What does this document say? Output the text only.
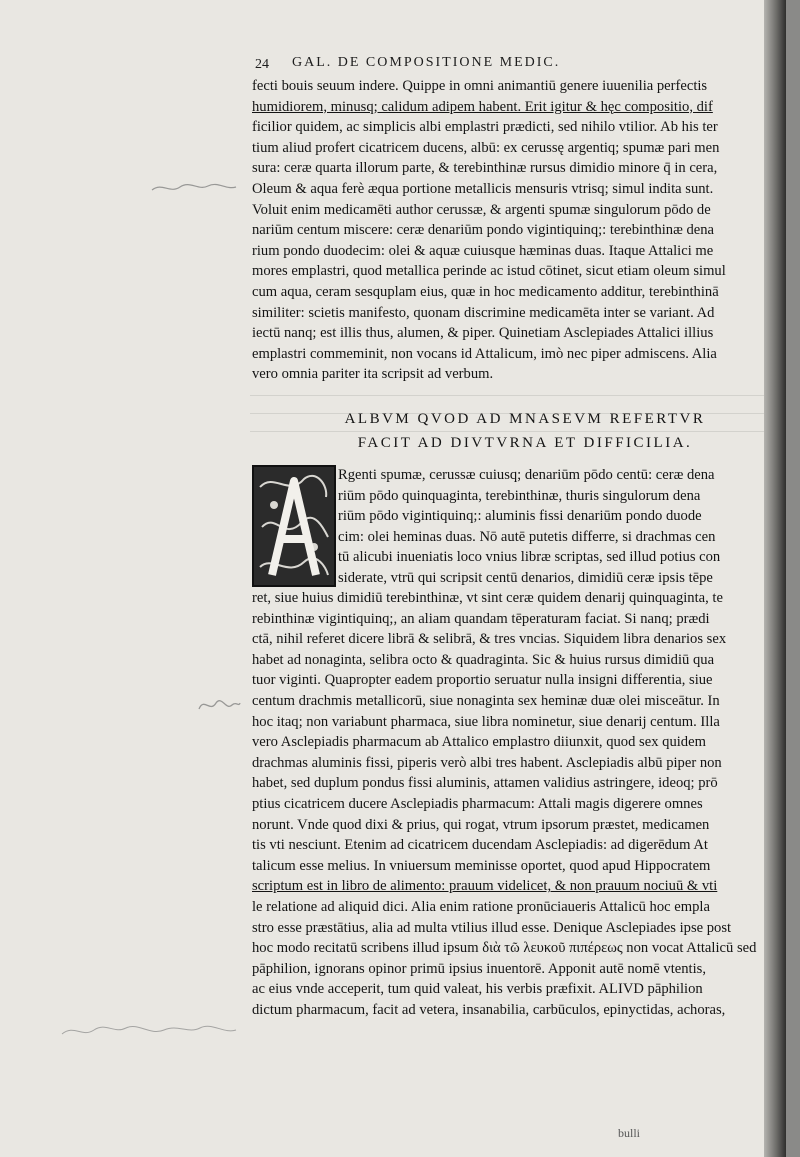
24 GAL. DE COMPOSITIONE MEDIC.
fecti bouis seuum indere. Quippe in omni animantiū genere iuuenilia perfectis
humidiorem, minusq; calidum adipem habent. Erit igitur & hęc compositio, dif
ficilior quidem, ac simplicis albi emplastri prædicti, sed nihilo vtilior. Ab his ter
tium aliud profert cicatricem ducens, albū: ex cerussę argentiq; spumæ pari men
sura: ceræ quarta illorum parte, & terebinthinæ rursus dimidio minore q̄ in cera,
Oleum & aqua ferè æqua portione metallicis mensuris vtrisq; simul indita sunt.
Voluit enim medicamēti author cerussæ, & argenti spumæ singulorum pōdo de
nariūm centum miscere: ceræ denariūm pondo vigintiquinq;: terebinthinæ dena
rium pondo duodecim: olei & aquæ cuiusque hæminas duas. Itaque Attalici me
mores emplastri, quod metallica perinde ac istud cōtinet, sicut etiam oleum simul
cum aqua, ceram sesquplam eius, quæ in hoc medicamento additur, terebinthinā
similiter: scietis manifesto, quonam discrimine medicamēta inter se variant. Ad
iectū nanq; est illis thus, alumen, & piper. Quinetiam Asclepiades Attalici illius
emplastri commeminit, non vocans id Attalicum, imò nec piper admiscens. Alia
vero omnia pariter ita scripsit ad verbum.
ALBVM QVOD AD MNASEVM REFERTVR
FACIT AD DIVTVRNA ET DIFFICILIA.
Rgenti spumæ, cerussæ cuiusq; denariūm pōdo centū: ceræ dena
riūm pōdo quinquaginta, terebinthinæ, thuris singulorum dena
riūm pōdo vigintiquinq;: aluminis fissi denariūm pondo duode
cim: olei heminas duas. Nō autē putetis differre, si drachmas cen
tū alicubi inueniatis loco vnius libræ scriptas, sed illud potius con
siderate, vtrū qui scripsit centū denarios, dimidiū ceræ ipsis tēpe
ret, siue huius dimidiū terebinthinæ, vt sint ceræ quidem denarij quinquaginta, te
rebinthinæ vigintiquinq;, an aliam quandam tēperaturam faciat. Si nanq; prædi
ctā, nihil referet dicere librā & selibrā, & tres vncias. Siquidem libra denarios sex
habet ad nonaginta, selibra octo & quadraginta. Sic & huius rursus dimidiū qua
tuor viginti. Quapropter eadem proportio seruatur nulla insigni differentia, siue
centum drachmis metallicorū, siue nonaginta sex heminæ duæ olei misceātur. In
hoc itaq; non variabunt pharmaca, siue libra nominetur, siue denarij centum. Illa
vero Asclepiadis pharmacum ab Attalico emplastro diiunxit, quod sex quidem
drachmas aluminis fissi, piperis verò albi tres habent. Asclepiadis albū piper non
habet, sed duplum pondus fissi aluminis, attamen validius astringere, ideoq; prō
ptius cicatricem ducere Asclepiadis pharmacum: Attali magis digerere omnes
norunt. Vnde quod dixi & prius, qui rogat, vtrum ipsorum præstet, medicamen
tis vti nesciunt. Etenim ad cicatricem ducendam Asclepiadis: ad digerēdum At
talicum esse melius. In vniuersum meminisse oportet, quod apud Hippocratem
scriptum est in libro de alimento: prauum videlicet, & non prauum nociuū & vti
le relatione ad aliquid dici. Alia enim ratione pronūciaueris Attalicū hoc empla
stro esse præstātius, alia ad multa vtilius illud esse. Denique Asclepiades ipse post
hoc modo recitatū scribens illud ipsum διὰ τῶ λευκοῦ πιπέρεως non vocat Attalicū sed
pāphilion, ignorans opinor primū ipsius inuentorē. Apponit autē nomē vtentis,
ac eius vnde acceperit, tum quid valeat, his verbis præfixit. ALIVD pāphilion
dictum pharmacum, facit ad vetera, insanabilia, carbūculos, epinyctidas, achoras,
bulli
